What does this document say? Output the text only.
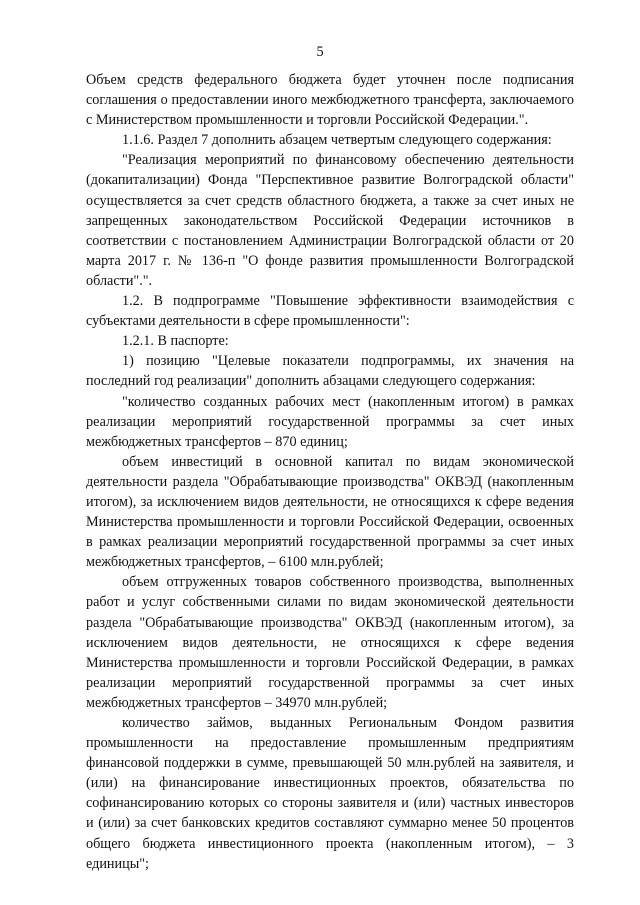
5

Объем средств федерального бюджета будет уточнен после подписания соглашения о предоставлении иного межбюджетного трансферта, заключаемого с Министерством промышленности и торговли Российской Федерации.".

1.1.6. Раздел 7 дополнить абзацем четвертым следующего содержания:

"Реализация мероприятий по финансовому обеспечению деятельности (докапитализации) Фонда "Перспективное развитие Волгоградской области" осуществляется за счет средств областного бюджета, а также за счет иных не запрещенных законодательством Российской Федерации источников в соответствии с постановлением Администрации Волгоградской области от 20 марта 2017 г. № 136-п "О фонде развития промышленности Волгоградской области".".

1.2. В подпрограмме "Повышение эффективности взаимодействия с субъектами деятельности в сфере промышленности":

1.2.1. В паспорте:

1) позицию "Целевые показатели подпрограммы, их значения на последний год реализации" дополнить абзацами следующего содержания:

"количество созданных рабочих мест (накопленным итогом) в рамках реализации мероприятий государственной программы за счет иных межбюджетных трансфертов – 870 единиц;

объем инвестиций в основной капитал по видам экономической деятельности раздела "Обрабатывающие производства" ОКВЭД (накопленным итогом), за исключением видов деятельности, не относящихся к сфере ведения Министерства промышленности и торговли Российской Федерации, освоенных в рамках реализации мероприятий государственной программы за счет иных межбюджетных трансфертов, – 6100 млн.рублей;

объем отгруженных товаров собственного производства, выполненных работ и услуг собственными силами по видам экономической деятельности раздела "Обрабатывающие производства" ОКВЭД (накопленным итогом), за исключением видов деятельности, не относящихся к сфере ведения Министерства промышленности и торговли Российской Федерации, в рамках реализации мероприятий государственной программы за счет иных межбюджетных трансфертов – 34970 млн.рублей;

количество займов, выданных Региональным Фондом развития промышленности на предоставление промышленным предприятиям финансовой поддержки в сумме, превышающей 50 млн.рублей на заявителя, и (или) на финансирование инвестиционных проектов, обязательства по софинансированию которых со стороны заявителя и (или) частных инвесторов и (или) за счет банковских кредитов составляют суммарно менее 50 процентов общего бюджета инвестиционного проекта (накопленным итогом), – 3 единицы";
